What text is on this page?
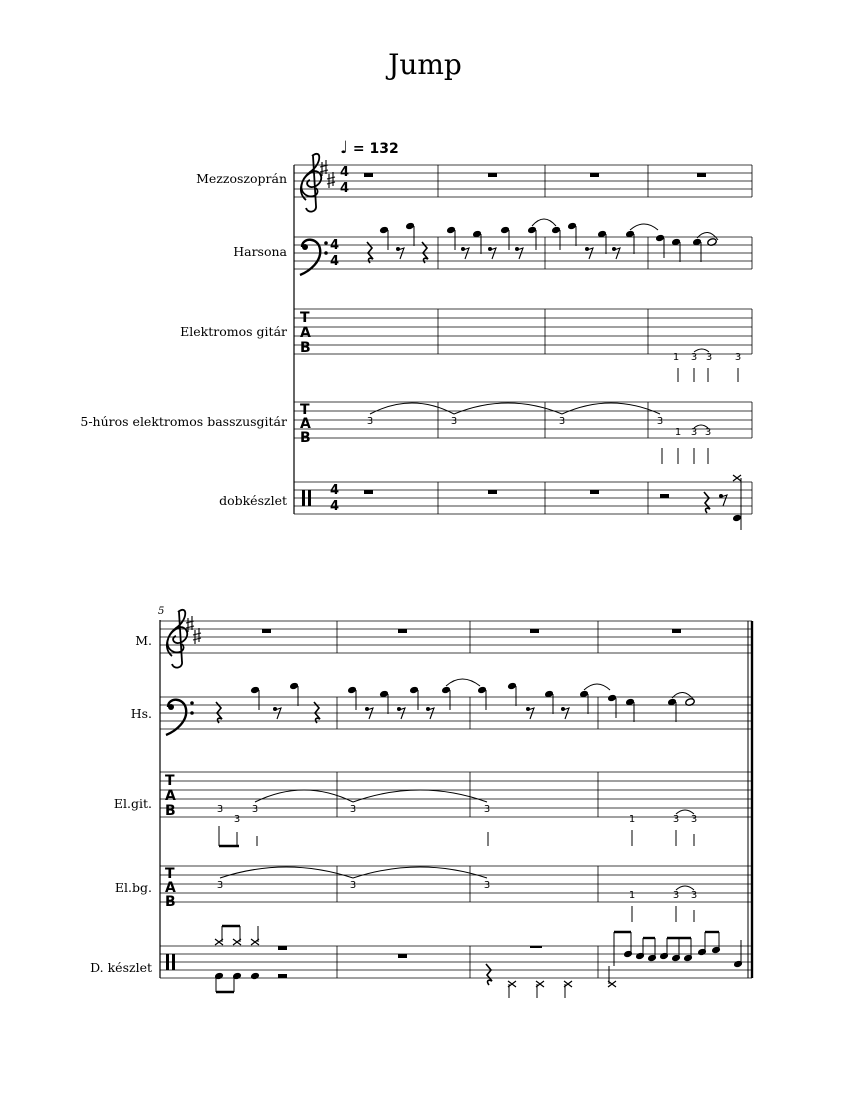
Jump
♩ = 132
Mezzoszoprán
Harsona
Elektromos gitár
5-húros elektromos basszusgitár
dobkészlet
5
M.
Hs.
El.git.
El.bg.
D. készlet
4
4
4
4
T
A
B
1 3 3 3
T
A
B
3	3	3	3
1 3 3
4
4
T
A
B	3
3
3	3	3
1	3 3
T
A
B
3	3	3
1	3 3
